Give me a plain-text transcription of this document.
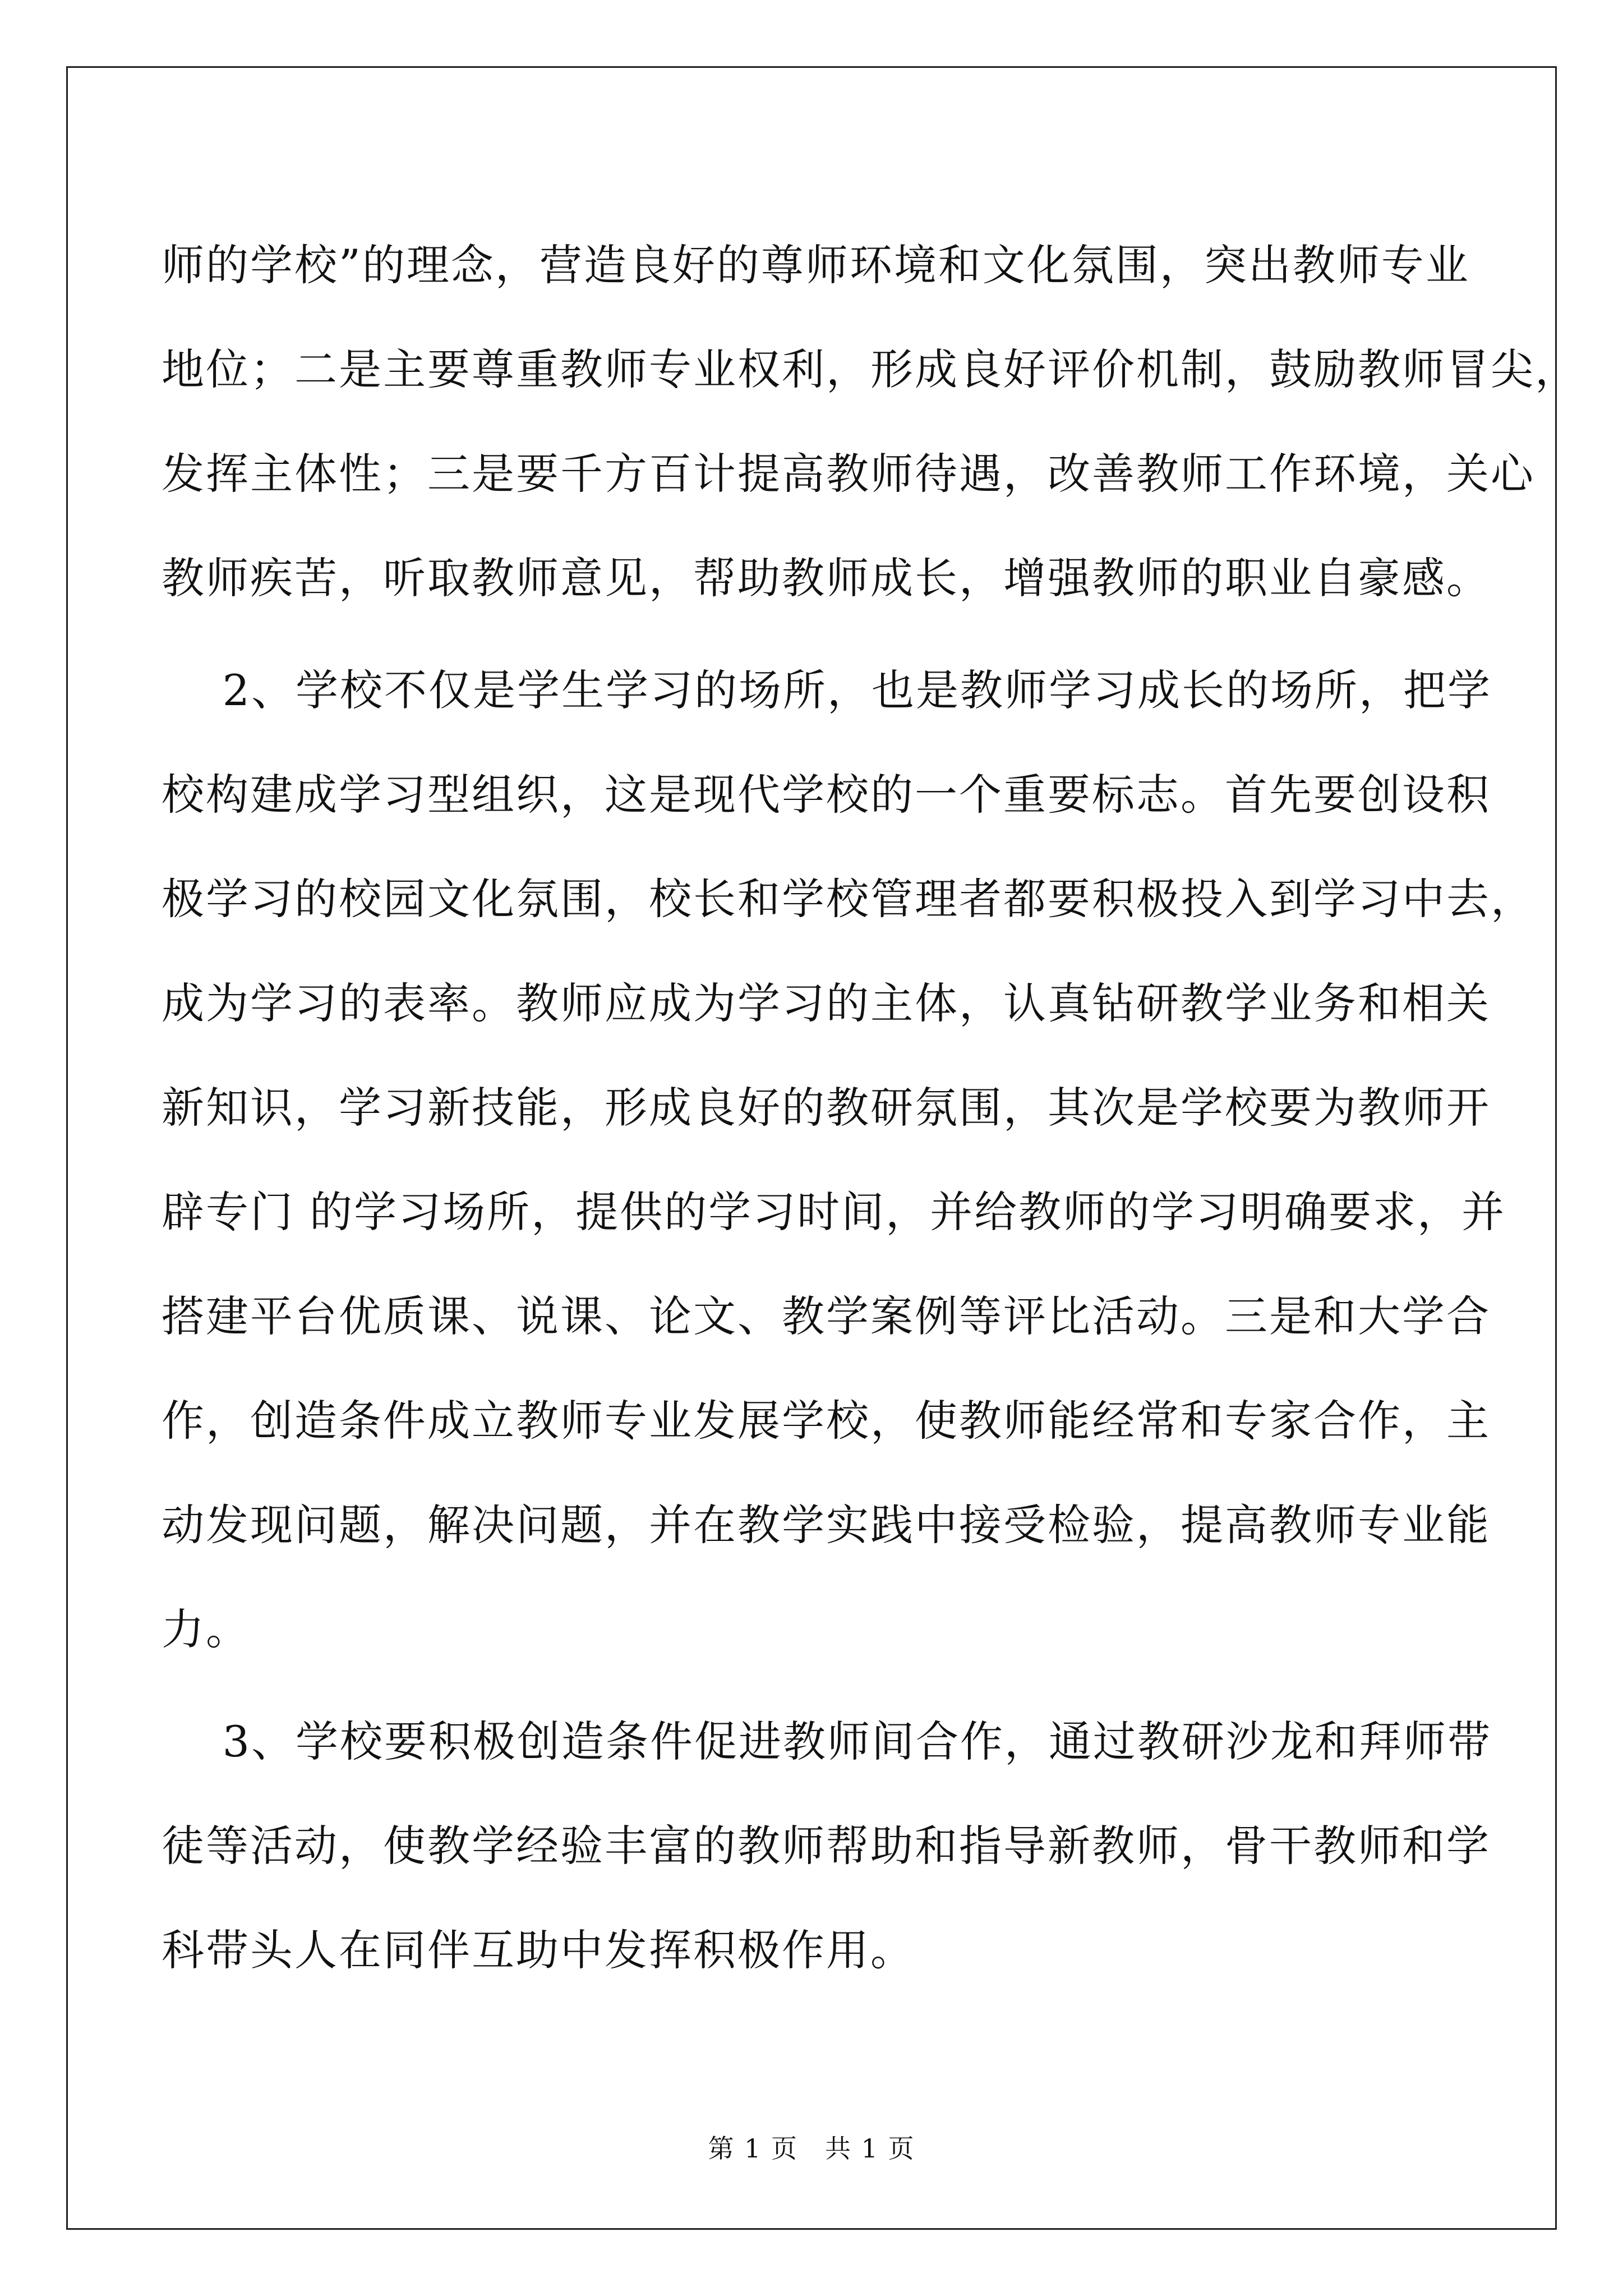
师的学校”的理念，营造良好的尊师环境和文化氛围，突出教师专业
地位；二是主要尊重教师专业权利，形成良好评价机制，鼓励教师冒尖，
发挥主体性；三是要千方百计提高教师待遇，改善教师工作环境，关心
教师疾苦，听取教师意见，帮助教师成长，增强教师的职业自豪感。
2、学校不仅是学生学习的场所，也是教师学习成长的场所，把学
校构建成学习型组织，这是现代学校的一个重要标志。首先要创设积
极学习的校园文化氛围，校长和学校管理者都要积极投入到学习中去，
成为学习的表率。教师应成为学习的主体，认真钻研教学业务和相关
新知识，学习新技能，形成良好的教研氛围，其次是学校要为教师开
辟专门 的学习场所，提供的学习时间，并给教师的学习明确要求，并
搭建平台优质课、说课、论文、教学案例等评比活动。三是和大学合
作，创造条件成立教师专业发展学校，使教师能经常和专家合作，主
动发现问题，解决问题，并在教学实践中接受检验，提高教师专业能
力。
3、学校要积极创造条件促进教师间合作，通过教研沙龙和拜师带
徒等活动，使教学经验丰富的教师帮助和指导新教师，骨干教师和学
科带头人在同伴互助中发挥积极作用。
第 1 页　共 1 页
